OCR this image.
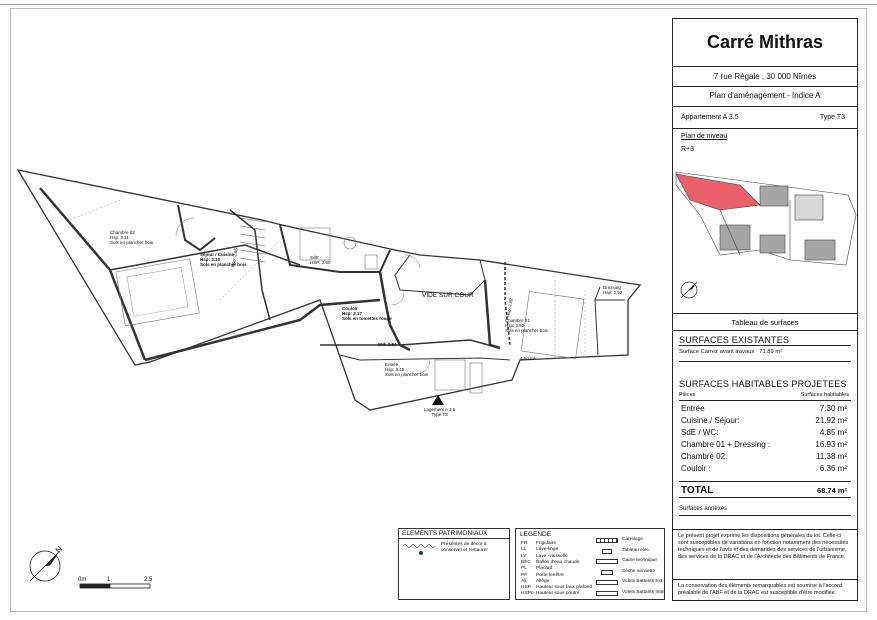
N
Chambre 02
Hsp: 3.11
Sols en plancher bois
Séjour / Cuisine
Hsp: 3.10
Sols en plancher bois
SdE
HSP: 2.50
Couloir
Hsp: 3.17
Sols en tomettes rouge
Entrée
Hsp: 3.15
Sols en plancher bois
Chambre 01
Hsp: 2.92
Sols en plancher bois
Dressing
Hsp: 2.92
Hsp: 2.65
Hsp: 2.92
4.60 m²
Wd: 2.64
VIDE SUR COUR
Logement A 3.5
Type T3
0m	1	2.5
ELEMENTS PATRIMONIAUX
Présentes de décor à conserver et restaurer
LEGENDE
FR Frigidaire
LL Lave-linge
LV Lave -vaisselle
BEC Ballon d'eau chaude
PL Placard
PF Porte fenêtre
All. Allège
HSP Hauteur sous faux plafond
HSPo Hauteur sous poutre
Carrelage
Tableau elec.
Gaine technique
Sèche serviette
Volets Battants Ext.
Volets Battants Inter
Carré Mithras
7 rue Régale , 30 000 Nîmes
Plan d'aménagement - Indice A
Appartement A 3.5	Type T3
Plan de niveau
R+3
Tableau de surfaces
SURFACES EXISTANTES
Surface Carrez avant travaux 71.89 m²
SURFACES HABITABLES PROJETEES
Pièces	Surfaces habitables
Entrée	7.30 m²
Cuisine / Séjour:	21.92 m²
SdE / WC:	4.85 m²
Chambre 01 + Dressing :	16.93 m²
Chambre 02:	11.38 m²
Couloir :	6.36 m²
TOTAL	68.74 m²
Surfaces annexes
Le présent projet exprime les dispositions générales du lot. Celle-ci sont susceptibles de variations en fonction notamment des nécessités techniques et de l'avis et des demandes des services de l'urbanisme, des services de la DRAC et de l'Architecte des Bâtiments de France.
La conservation des éléments remarquables est soumise à l'accord préalable de l'ABF et de la DRAC est susceptible d'être modifiée.
